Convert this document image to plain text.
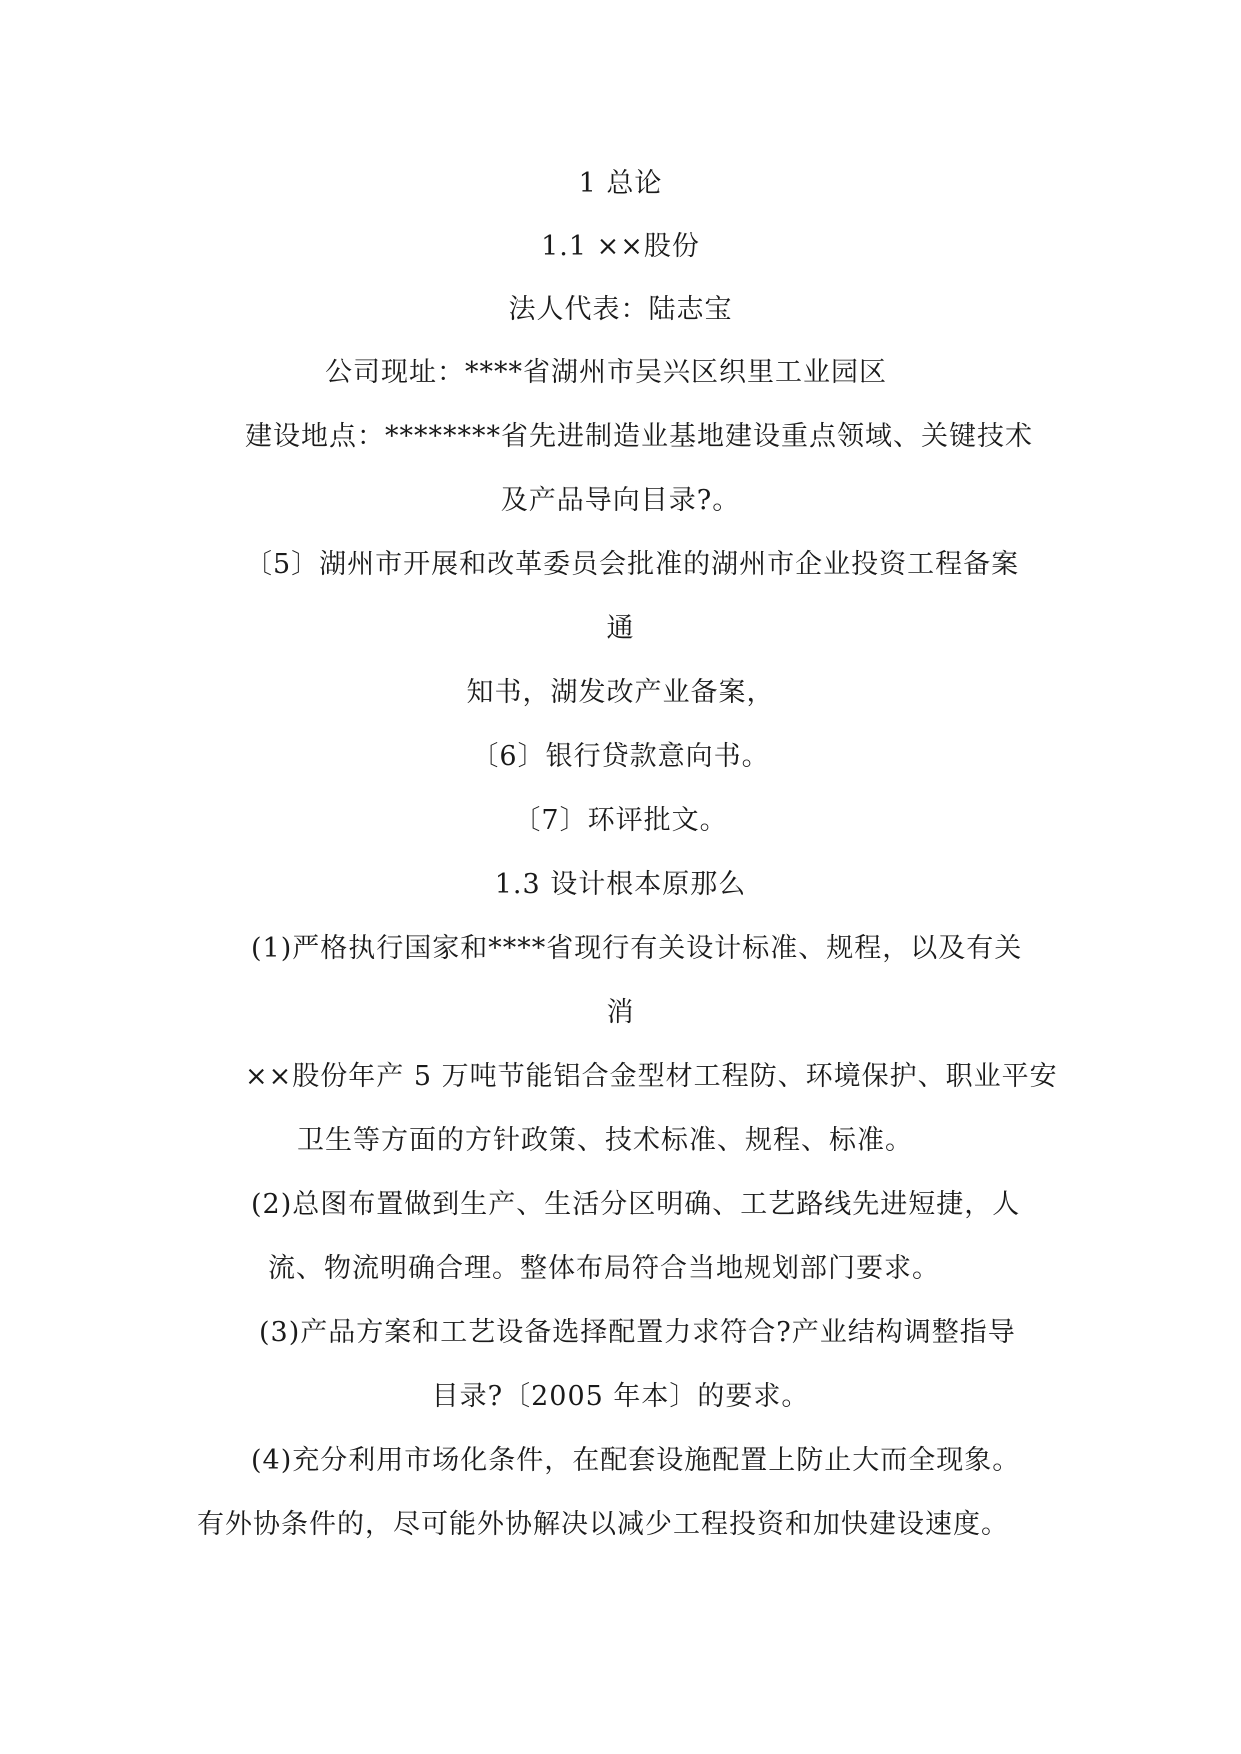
1 总论
1.1 ××股份
法人代表：陆志宝
公司现址：****省湖州市吴兴区织里工业园区
建设地点：********省先进制造业基地建设重点领域、关键技术
及产品导向目录?。
〔5〕湖州市开展和改革委员会批准的湖州市企业投资工程备案
通
知书，湖发改产业备案，
〔6〕银行贷款意向书。
〔7〕环评批文。
1.3 设计根本原那么
(1)严格执行国家和****省现行有关设计标准、规程，以及有关
消
××股份年产 5 万吨节能铝合金型材工程防、环境保护、职业平安
卫生等方面的方针政策、技术标准、规程、标准。
(2)总图布置做到生产、生活分区明确、工艺路线先进短捷，人
流、物流明确合理。整体布局符合当地规划部门要求。
(3)产品方案和工艺设备选择配置力求符合?产业结构调整指导
目录?〔2005 年本〕的要求。
(4)充分利用市场化条件，在配套设施配置上防止大而全现象。
有外协条件的，尽可能外协解决以减少工程投资和加快建设速度。
